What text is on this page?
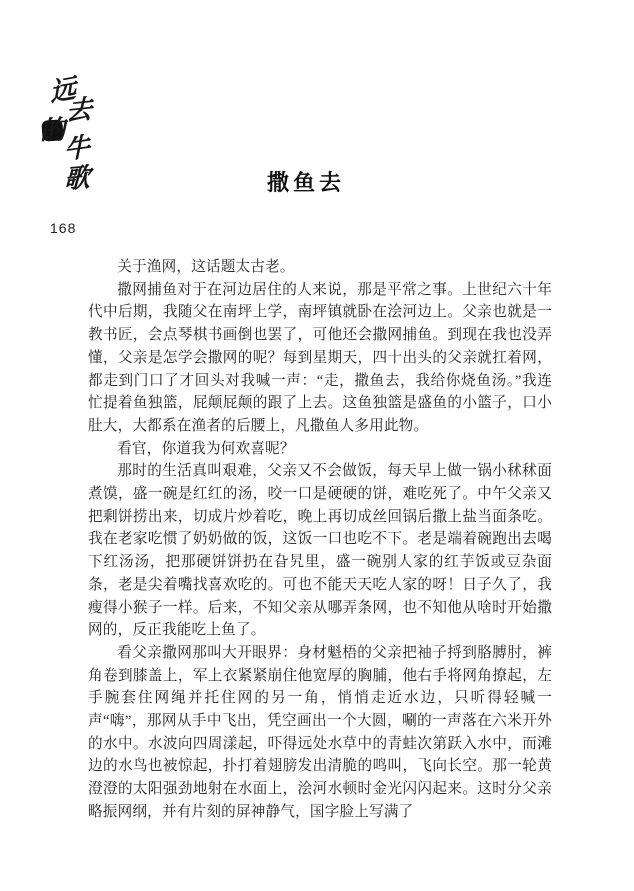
远
去
的
牛
歌
168
撒鱼去

关于渔网，这话题太古老。

撒网捕鱼对于在河边居住的人来说，那是平常之事。上世纪六十年代中后期，我随父在南坪上学，南坪镇就卧在浍河边上。父亲也就是一教书匠，会点琴棋书画倒也罢了，可他还会撒网捕鱼。到现在我也没弄懂，父亲是怎学会撒网的呢？每到星期天，四十出头的父亲就扛着网，都走到门口了才回头对我喊一声：“走，撒鱼去，我给你烧鱼汤。”我连忙提着鱼独篮，屁颠屁颠的跟了上去。这鱼独篮是盛鱼的小篮子，口小肚大，大都系在渔者的后腰上，凡撒鱼人多用此物。

看官，你道我为何欢喜呢？

那时的生活真叫艰难，父亲又不会做饭，每天早上做一锅小秫秫面煮馍，盛一碗是红红的汤，咬一口是硬硬的饼，难吃死了。中午父亲又把剩饼捞出来，切成片炒着吃，晚上再切成丝回锅后撒上盐当面条吃。我在老家吃惯了奶奶做的饭，这饭一口也吃不下。老是端着碗跑出去喝下红汤汤，把那硬饼饼扔在旮旯里，盛一碗别人家的红芋饭或豆杂面条，老是尖着嘴找喜欢吃的。可也不能天天吃人家的呀！日子久了，我瘦得小猴子一样。后来，不知父亲从哪弄条网，也不知他从啥时开始撒网的，反正我能吃上鱼了。

看父亲撒网那叫大开眼界：身材魁梧的父亲把袖子捋到胳膊肘，裤角卷到膝盖上，军上衣紧紧崩住他宽厚的胸脯，他右手将网角撩起，左手腕套住网绳并托住网的另一角，悄悄走近水边，只听得轻喊一声“嗨”，那网从手中飞出，凭空画出一个大圆，唰的一声落在六米开外的水中。水波向四周漾起，吓得远处水草中的青蛙次第跃入水中，而滩边的水鸟也被惊起，扑打着翅膀发出清脆的鸣叫，飞向长空。那一轮黄澄澄的太阳强劲地射在水面上，浍河水顿时金光闪闪起来。这时分父亲略振网纲，并有片刻的屏神静气，国字脸上写满了
